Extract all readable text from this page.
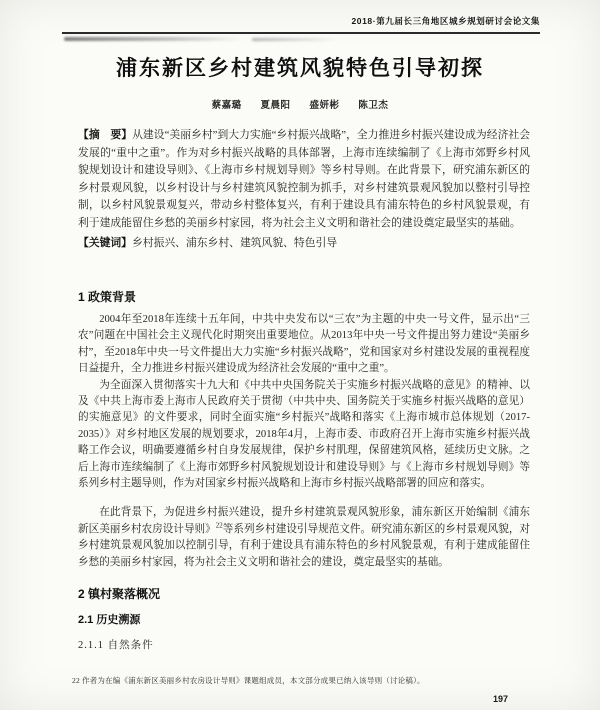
2018·第九届长三角地区城乡规划研讨会论文集
浦东新区乡村建筑风貌特色引导初探
蔡嘉璐 夏晨阳 盛妍彬 陈卫杰

【摘　要】从建设“美丽乡村”到大力实施“乡村振兴战略”，全力推进乡村振兴建设成为经济社会发展的“重中之重”。作为对乡村振兴战略的具体部署，上海市连续编制了《上海市郊野乡村风貌规划设计和建设导则》、《上海市乡村规划导则》等乡村导则。在此背景下，研究浦东新区的乡村景观风貌，以乡村设计与乡村建筑风貌控制为抓手，对乡村建筑景观风貌加以整村引导控制，以乡村风貌景观复兴，带动乡村整体复兴，有利于建设具有浦东特色的乡村风貌景观，有利于建成能留住乡愁的美丽乡村家园，将为社会主义文明和谐社会的建设奠定最坚实的基础。

【关键词】乡村振兴、浦东乡村、建筑风貌、特色引导

1 政策背景

2004年至2018年连续十五年间，中共中央发布以“三农”为主题的中央一号文件，显示出“三农”问题在中国社会主义现代化时期突出重要地位。从2013年中央一号文件提出努力建设“美丽乡村”，至2018年中央一号文件提出大力实施“乡村振兴战略”，党和国家对乡村建设发展的重视程度日益提升，全力推进乡村振兴建设成为经济社会发展的“重中之重”。

为全面深入贯彻落实十九大和《中共中央国务院关于实施乡村振兴战略的意见》的精神、以及《中共上海市委上海市人民政府关于贯彻（中共中央、国务院关于实施乡村振兴战略的意见）的实施意见》的文件要求，同时全面实施“乡村振兴”战略和落实《上海市城市总体规划（2017-2035）》对乡村地区发展的规划要求，2018年4月，上海市委、市政府召开上海市实施乡村振兴战略工作会议，明确要遵循乡村自身发展规律，保护乡村肌理，保留建筑风格，延续历史文脉。之后上海市连续编制了《上海市郊野乡村风貌规划设计和建设导则》与《上海市乡村规划导则》等系列乡村主题导则，作为对国家乡村振兴战略和上海市乡村振兴战略部署的回应和落实。

在此背景下，为促进乡村振兴建设，提升乡村建筑景观风貌形象，浦东新区开始编制《浦东新区美丽乡村农房设计导则》$^{22}$等系列乡村建设引导规范文件。研究浦东新区的乡村景观风貌，对乡村建筑景观风貌加以控制引导，有利于建设具有浦东特色的乡村风貌景观，有利于建成能留住乡愁的美丽乡村家园，将为社会主义文明和谐社会的建设，奠定最坚实的基础。

2 镇村聚落概况
2.1 历史溯源
2.1.1 自然条件
22 作者为在编《浦东新区美丽乡村农房设计导则》课题组成员，本文部分成果已纳入该导则（讨论稿）。
197
